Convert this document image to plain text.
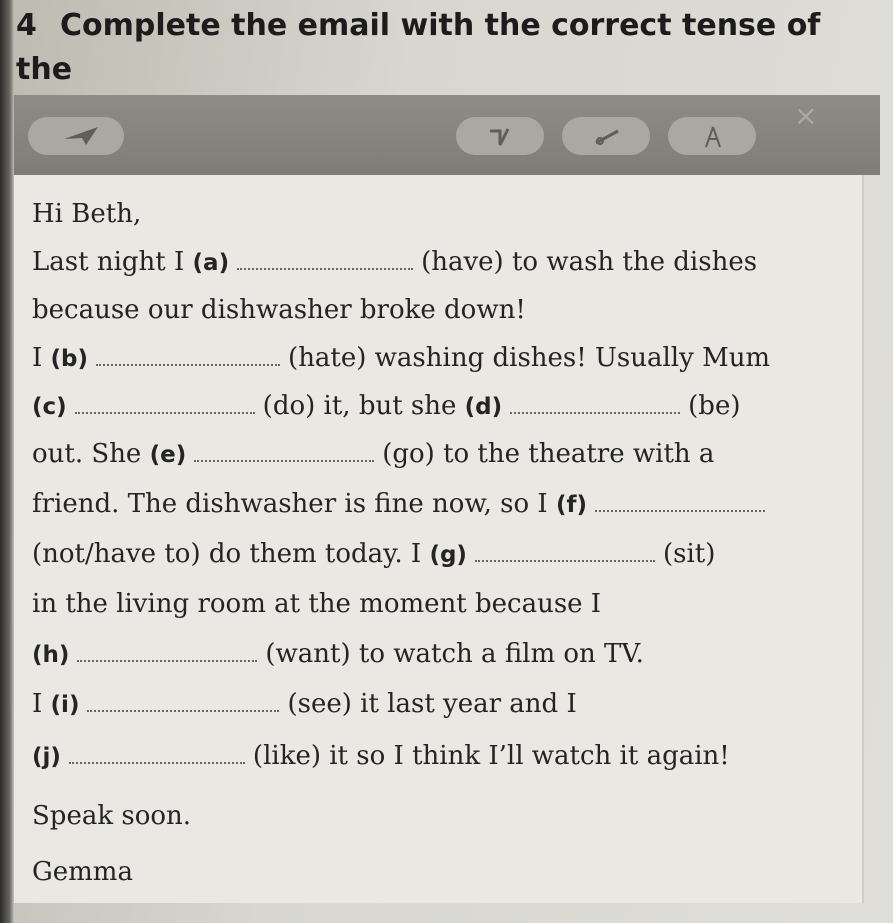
4 Complete the email with the correct tense of the
×
Hi Beth,
Last night I (a)	(have) to wash the dishes
because our dishwasher broke down!
I (b)	(hate) washing dishes! Usually Mum
(c)	(do) it, but she (d)	(be)
out. She (e)	(go) to the theatre with a
friend. The dishwasher is fine now, so I (f)
(not/have to) do them today. I (g)	(sit)
in the living room at the moment because I
(h)	(want) to watch a film on TV.
I (i)	(see) it last year and I
(j)	(like) it so I think I’ll watch it again!
Speak soon.
Gemma
